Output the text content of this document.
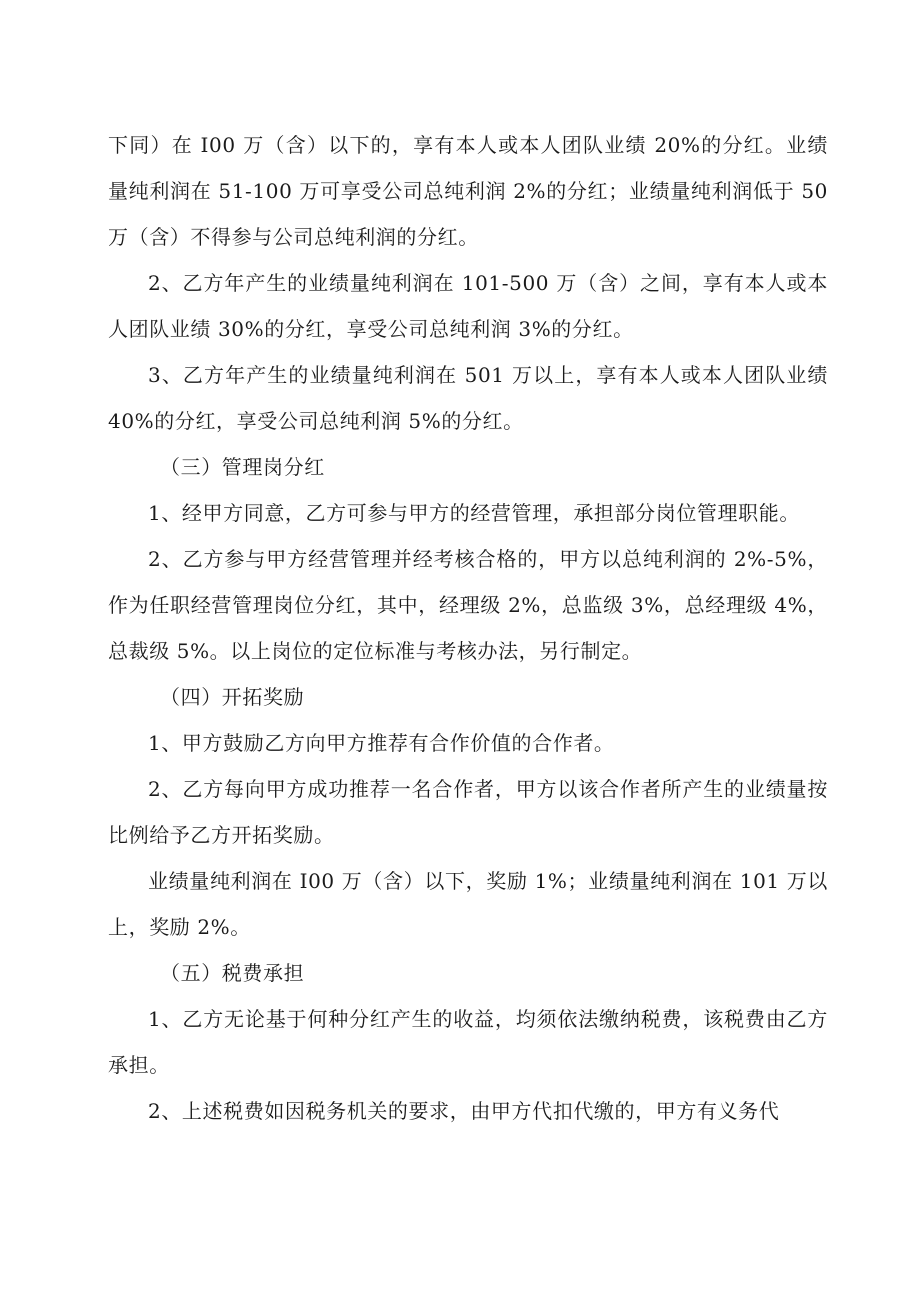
下同）在 I00 万（含）以下的，享有本人或本人团队业绩 20%的分红。业绩量纯利润在 51-100 万可享受公司总纯利润 2%的分红；业绩量纯利润低于 50 万（含）不得参与公司总纯利润的分红。

2、乙方年产生的业绩量纯利润在 101-500 万（含）之间，享有本人或本人团队业绩 30%的分红，享受公司总纯利润 3%的分红。

3、乙方年产生的业绩量纯利润在 501 万以上，享有本人或本人团队业绩 40%的分红，享受公司总纯利润 5%的分红。

（三）管理岗分红

1、经甲方同意，乙方可参与甲方的经营管理，承担部分岗位管理职能。

2、乙方参与甲方经营管理并经考核合格的，甲方以总纯利润的 2%-5%，作为任职经营管理岗位分红，其中，经理级 2%，总监级 3%，总经理级 4%，总裁级 5%。以上岗位的定位标准与考核办法，另行制定。

（四）开拓奖励

1、甲方鼓励乙方向甲方推荐有合作价值的合作者。

2、乙方每向甲方成功推荐一名合作者，甲方以该合作者所产生的业绩量按比例给予乙方开拓奖励。

业绩量纯利润在 I00 万（含）以下，奖励 1%；业绩量纯利润在 101 万以上，奖励 2%。

（五）税费承担

1、乙方无论基于何种分红产生的收益，均须依法缴纳税费，该税费由乙方承担。

2、上述税费如因税务机关的要求，由甲方代扣代缴的，甲方有义务代
